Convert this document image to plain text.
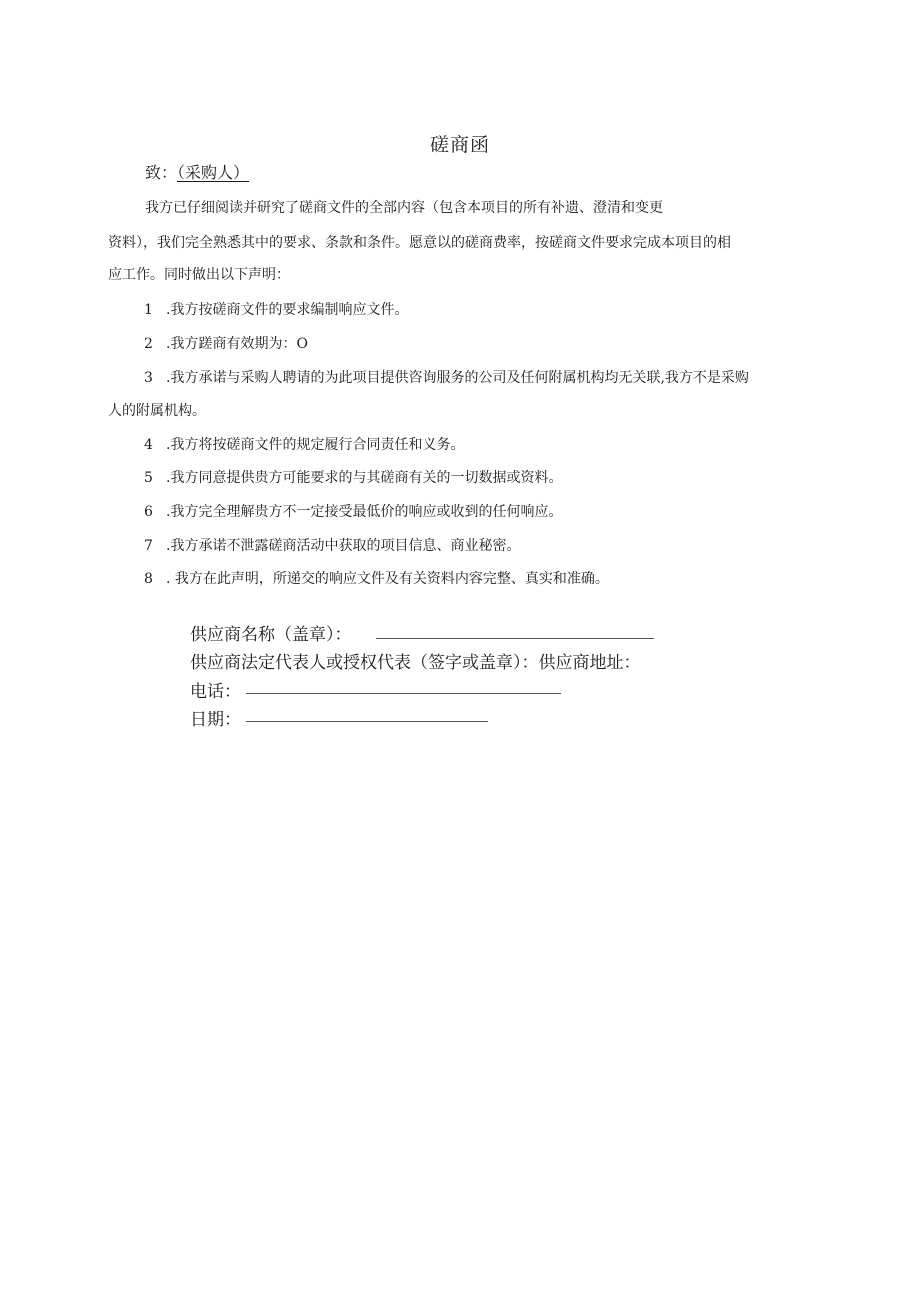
磋商函
致：（采购人）
我方已仔细阅读并研究了磋商文件的全部内容（包含本项目的所有补遗、澄清和变更
资料），我们完全熟悉其中的要求、条款和条件。愿意以的磋商费率，按磋商文件要求完成本项目的相
应工作。同时做出以下声明：
1 .我方按磋商文件的要求编制响应文件。
2 .我方蹉商有效期为：O
3 .我方承诺与采购人聘请的为此项目提供咨询服务的公司及任何附属机构均无关联,我方不是采购
人的附属机构。
4 .我方将按磋商文件的规定履行合同责任和义务。
5 .我方同意提供贵方可能要求的与其磋商有关的一切数据或资料。
6 .我方完全理解贵方不一定接受最低价的响应或收到的任何响应。
7 .我方承诺不泄露磋商活动中获取的项目信息、商业秘密。
8 . 我方在此声明，所递交的响应文件及有关资料内容完整、真实和准确。
供应商名称（盖章）：
供应商法定代表人或授权代表（签字或盖章）：供应商地址：
电话：
日期：
